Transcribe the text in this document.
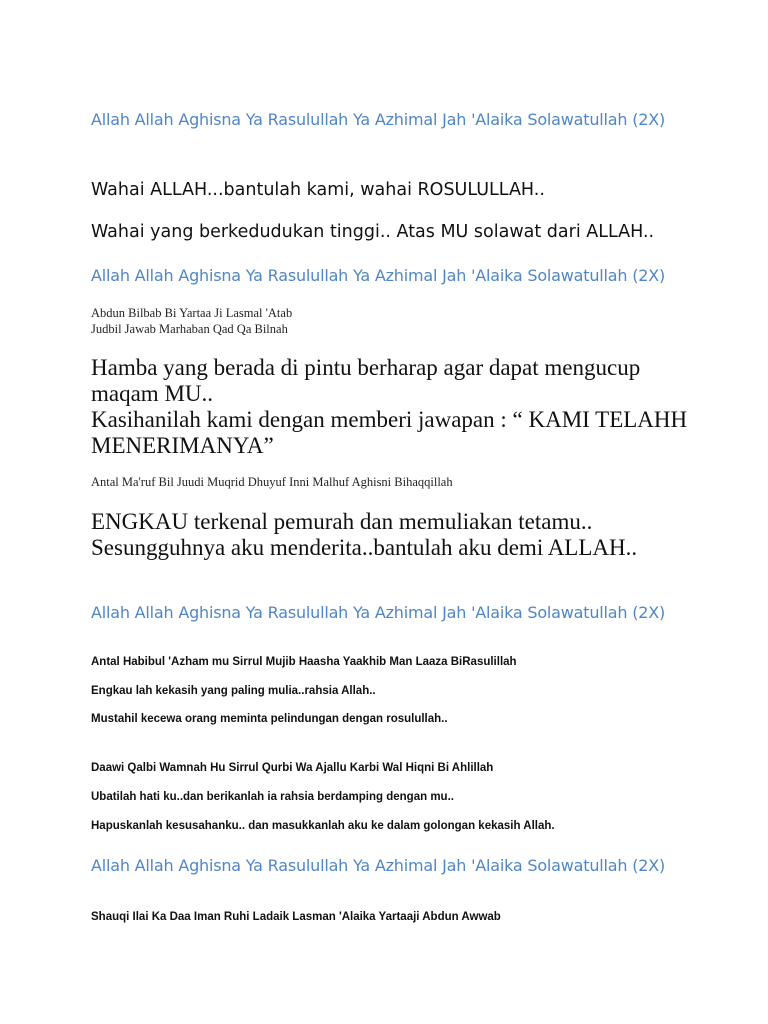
Allah Allah Aghisna Ya Rasulullah Ya Azhimal Jah 'Alaika Solawatullah (2X)

Wahai ALLAH...bantulah kami, wahai ROSULULLAH..

Wahai yang berkedudukan tinggi.. Atas MU solawat dari ALLAH..

Allah Allah Aghisna Ya Rasulullah Ya Azhimal Jah 'Alaika Solawatullah (2X)

Abdun Bilbab Bi Yartaa Ji Lasmal 'Atab

Judbil Jawab Marhaban Qad Qa Bilnah

Hamba yang berada di pintu berharap agar dapat mengucup

maqam MU..

Kasihanilah kami dengan memberi jawapan : “ KAMI TELAHH

MENERIMANYA”

Antal Ma'ruf Bil Juudi Muqrid Dhuyuf Inni Malhuf Aghisni Bihaqqillah

ENGKAU terkenal pemurah dan memuliakan tetamu..

Sesungguhnya aku menderita..bantulah aku demi ALLAH..

Allah Allah Aghisna Ya Rasulullah Ya Azhimal Jah 'Alaika Solawatullah (2X)

Antal Habibul 'Azham mu Sirrul Mujib Haasha Yaakhib Man Laaza BiRasulillah

Engkau lah kekasih yang paling mulia..rahsia Allah..

Mustahil kecewa orang meminta pelindungan dengan rosulullah..

Daawi Qalbi Wamnah Hu Sirrul Qurbi Wa Ajallu Karbi Wal Hiqni Bi Ahlillah

Ubatilah hati ku..dan berikanlah ia rahsia berdamping dengan mu..

Hapuskanlah kesusahanku.. dan masukkanlah aku ke dalam golongan kekasih Allah.

Allah Allah Aghisna Ya Rasulullah Ya Azhimal Jah 'Alaika Solawatullah (2X)

Shauqi Ilai Ka Daa Iman Ruhi Ladaik Lasman 'Alaika Yartaaji Abdun Awwab
